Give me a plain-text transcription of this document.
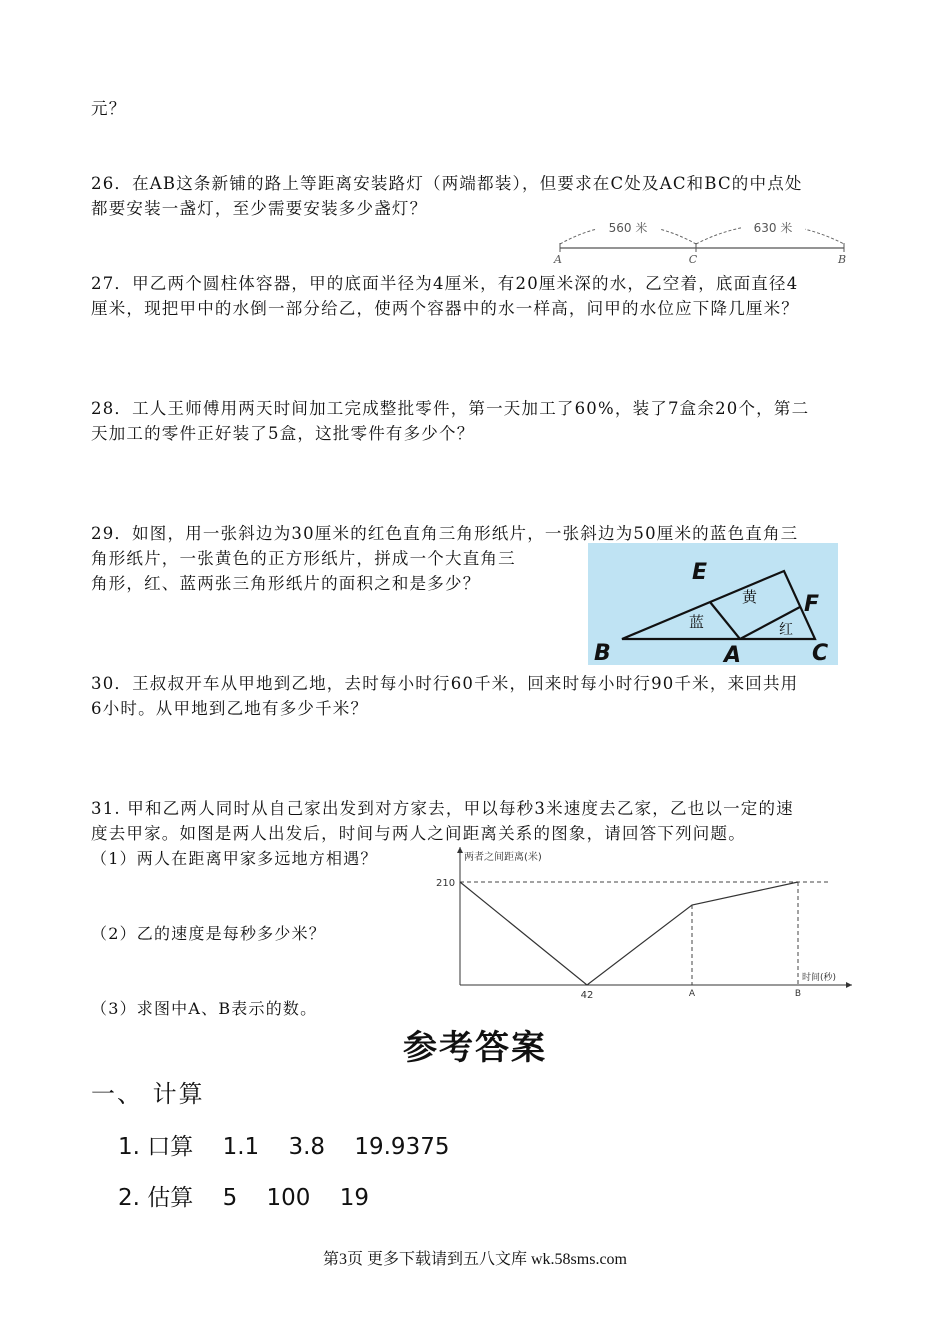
元？
26．在AB这条新铺的路上等距离安装路灯（两端都装），但要求在C处及AC和BC的中点处
都要安装一盏灯，至少需要安装多少盏灯？
560 米	630 米
A	C	B
27．甲乙两个圆柱体容器，甲的底面半径为4厘米，有20厘米深的水，乙空着，底面直径4
厘米，现把甲中的水倒一部分给乙，使两个容器中的水一样高，问甲的水位应下降几厘米？
28．工人王师傅用两天时间加工完成整批零件，第一天加工了60%，装了7盒余20个，第二
天加工的零件正好装了5盒，这批零件有多少个？
29．如图，用一张斜边为30厘米的红色直角三角形纸片，一张斜边为50厘米的蓝色直角三
角形纸片，一张黄色的正方形纸片，拼成一个大直角三
角形，红、蓝两张三角形纸片的面积之和是多少？	E
F
B	A	C
蓝
黄
红
30．王叔叔开车从甲地到乙地，去时每小时行60千米，回来时每小时行90千米，来回共用
6小时。从甲地到乙地有多少千米？
31. 甲和乙两人同时从自己家出发到对方家去，甲以每秒3米速度去乙家，乙也以一定的速
度去甲家。如图是两人出发后，时间与两人之间距离关系的图象，请回答下列问题。
（1）两人在距离甲家多远地方相遇？
（2）乙的速度是每秒多少米？
（3）求图中A、B表示的数。
两者之间距离(米)
时间(秒)
210
42	A	B
参考答案
一、 计算
1. 口算 1.1 3.8 19.9375
2. 估算 5 100 19
第3页 更多下载请到五八文库 wk.58sms.com
